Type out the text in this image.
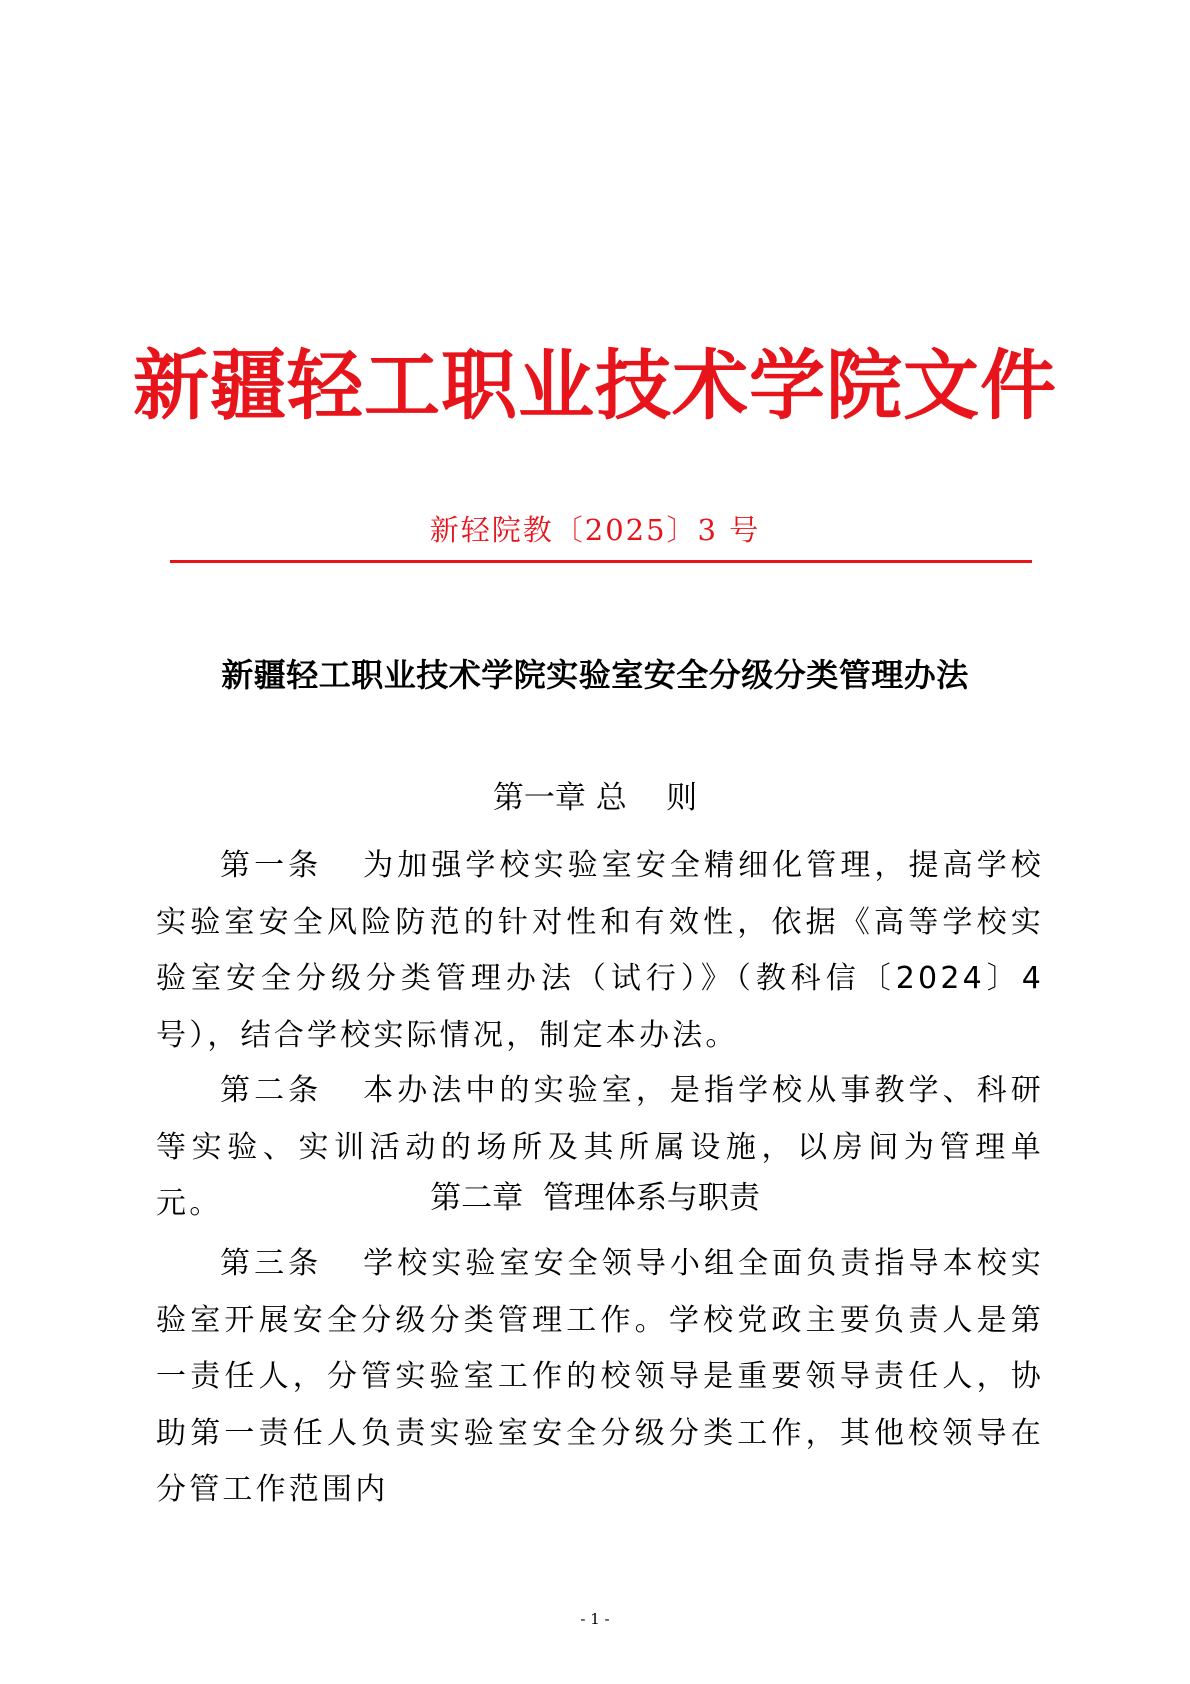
新疆轻工职业技术学院文件
新轻院教〔2025〕3 号
新疆轻工职业技术学院实验室安全分级分类管理办法
第一章 总    则

第一条 为加强学校实验室安全精细化管理，提高学校实验室安全风险防范的针对性和有效性，依据《高等学校实验室安全分级分类管理办法（试行）》（教科信〔2024〕4 号），结合学校实际情况，制定本办法。

第二条 本办法中的实验室，是指学校从事教学、科研等实验、实训活动的场所及其所属设施，以房间为管理单元。	第二章  管理体系与职责

第三条 学校实验室安全领导小组全面负责指导本校实验室开展安全分级分类管理工作。学校党政主要负责人是第一责任人，分管实验室工作的校领导是重要领导责任人，协助第一责任人负责实验室安全分级分类工作，其他校领导在分管工作范围内

- 1 -
